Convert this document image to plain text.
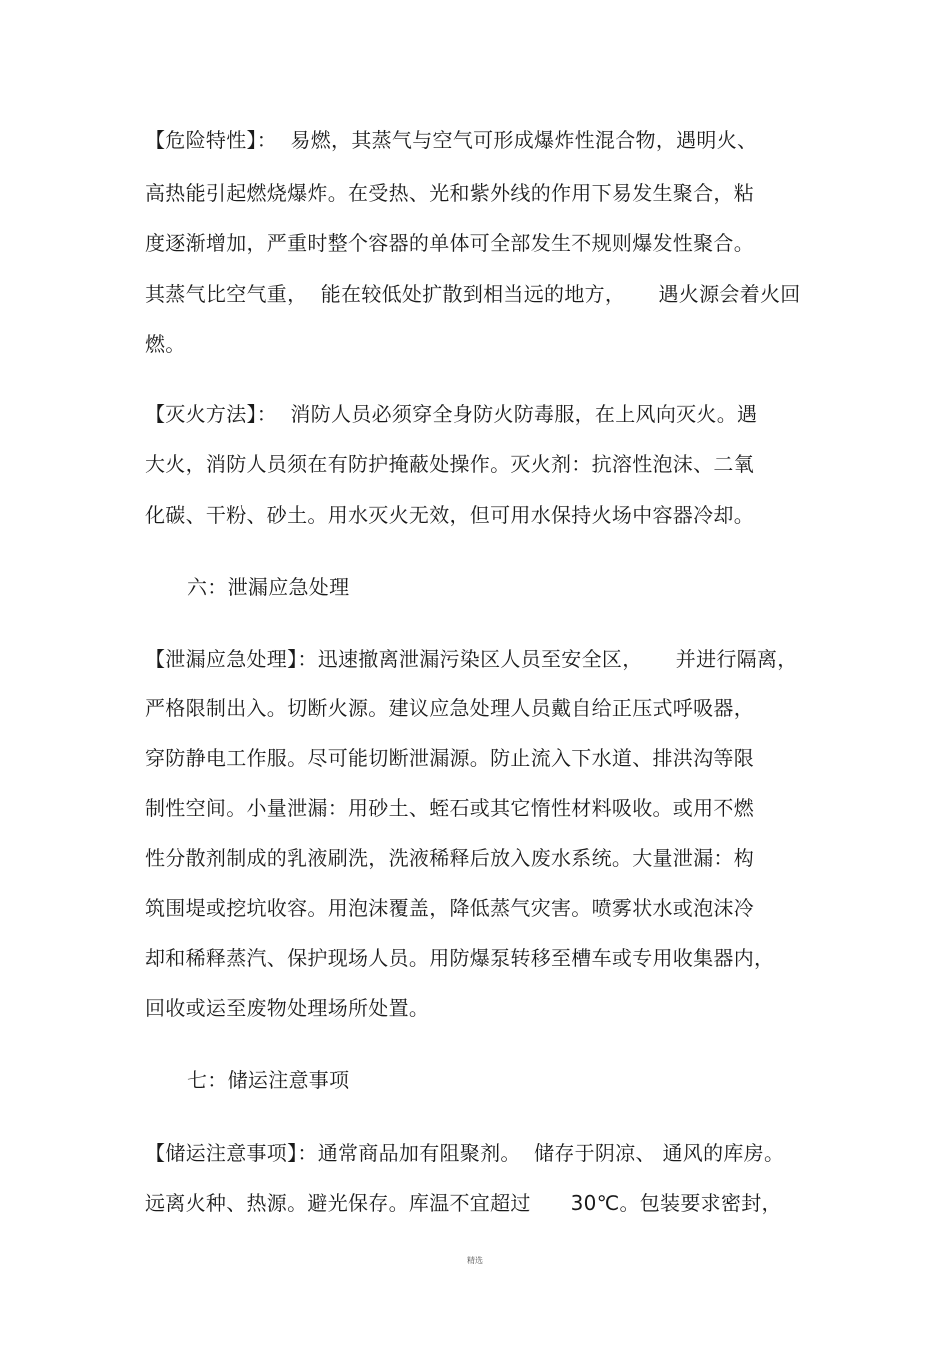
【危险特性】：  易燃，其蒸气与空气可形成爆炸性混合物，遇明火、
高热能引起燃烧爆炸。在受热、光和紫外线的作用下易发生聚合，粘
度逐渐增加，严重时整个容器的单体可全部发生不规则爆发性聚合。
其蒸气比空气重，  能在较低处扩散到相当远的地方，     遇火源会着火回
燃。
【灭火方法】：  消防人员必须穿全身防火防毒服，在上风向灭火。遇
大火，消防人员须在有防护掩蔽处操作。灭火剂：抗溶性泡沫、二氧
化碳、干粉、砂土。用水灭火无效，但可用水保持火场中容器冷却。
六：泄漏应急处理
【泄漏应急处理】：迅速撤离泄漏污染区人员至安全区，     并进行隔离，
严格限制出入。切断火源。建议应急处理人员戴自给正压式呼吸器，
穿防静电工作服。尽可能切断泄漏源。防止流入下水道、排洪沟等限
制性空间。小量泄漏：用砂土、蛭石或其它惰性材料吸收。或用不燃
性分散剂制成的乳液刷洗，洗液稀释后放入废水系统。大量泄漏：构
筑围堤或挖坑收容。用泡沫覆盖，降低蒸气灾害。喷雾状水或泡沫冷
却和稀释蒸汽、保护现场人员。用防爆泵转移至槽车或专用收集器内，
回收或运至废物处理场所处置。
七：储运注意事项
【储运注意事项】：通常商品加有阻聚剂。  储存于阴凉、 通风的库房。
远离火种、热源。避光保存。库温不宜超过      30℃。包装要求密封，
精选
